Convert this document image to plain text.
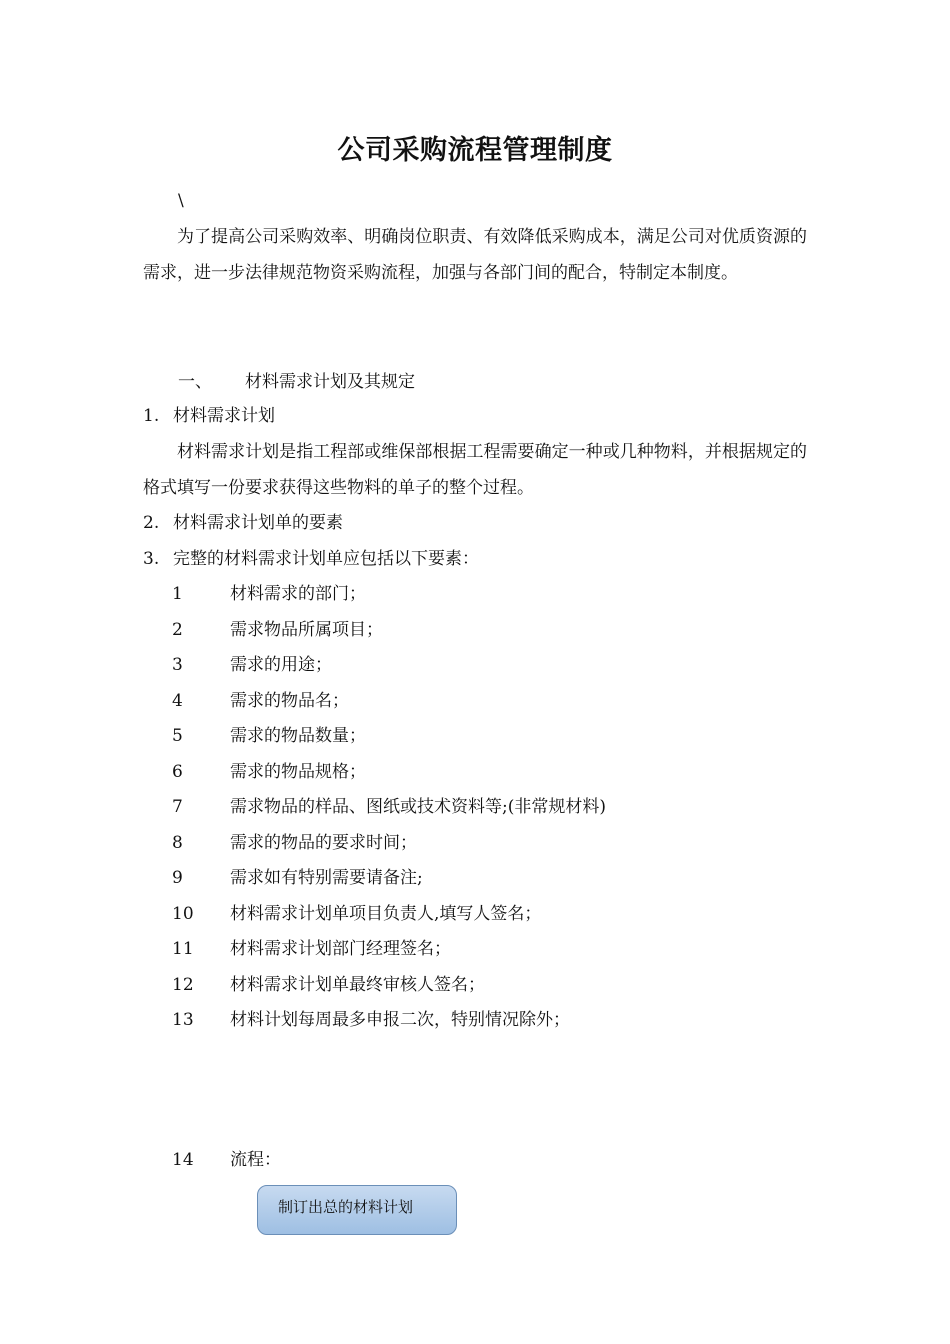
公司采购流程管理制度
\
为了提高公司采购效率、明确岗位职责、有效降低采购成本，满足公司对优质资源的需求，进一步法律规范物资采购流程，加强与各部门间的配合，特制定本制度。
一、 材料需求计划及其规定
1. 材料需求计划
材料需求计划是指工程部或维保部根据工程需要确定一种或几种物料，并根据规定的格式填写一份要求获得这些物料的单子的整个过程。
2. 材料需求计划单的要素
3. 完整的材料需求计划单应包括以下要素：
1	材料需求的部门；
2	需求物品所属项目；
3	需求的用途；
4	需求的物品名；
5	需求的物品数量；
6	需求的物品规格；
7	需求物品的样品、图纸或技术资料等;(非常规材料)
8	需求的物品的要求时间；
9	需求如有特别需要请备注;
10 材料需求计划单项目负责人,填写人签名；
11 材料需求计划部门经理签名；
12 材料需求计划单最终审核人签名；
13 材料计划每周最多申报二次，特别情况除外；
14 流程：
制订出总的材料计划
